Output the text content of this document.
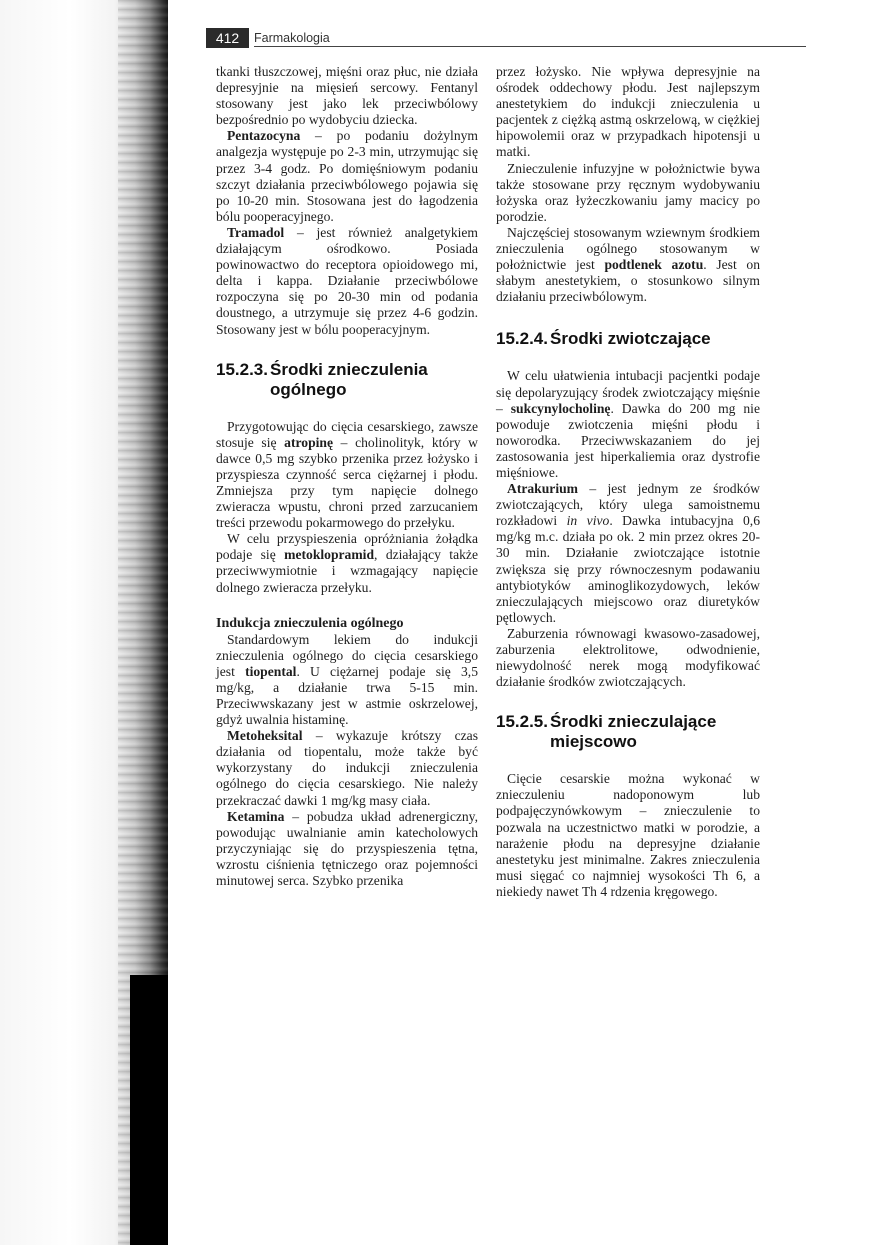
412	Farmakologia

tkanki tłuszczowej, mięśni oraz płuc, nie działa depresyjnie na mięsień sercowy. Fentanyl stosowany jest jako lek przeciwbólowy bezpośrednio po wydobyciu dziecka.

Pentazocyna – po podaniu dożylnym analgezja występuje po 2-3 min, utrzymując się przez 3-4 godz. Po domięśniowym podaniu szczyt działania przeciwbólowego pojawia się po 10-20 min. Stosowana jest do łagodzenia bólu pooperacyjnego.

Tramadol – jest również analgetykiem działającym ośrodkowo. Posiada powinowactwo do receptora opioidowego mi, delta i kappa. Działanie przeciwbólowe rozpoczyna się po 20-30 min od podania doustnego, a utrzymuje się przez 4-6 godzin. Stosowany jest w bólu pooperacyjnym.

15.2.3. Środki znieczulenia
ogólnego

Przygotowując do cięcia cesarskiego, zawsze stosuje się atropinę – cholinolityk, który w dawce 0,5 mg szybko przenika przez łożysko i przyspiesza czynność serca ciężarnej i płodu. Zmniejsza przy tym napięcie dolnego zwieracza wpustu, chroni przed zarzucaniem treści przewodu pokarmowego do przełyku.

W celu przyspieszenia opróżniania żołądka podaje się metoklopramid, działający także przeciwwymiotnie i wzmagający napięcie dolnego zwieracza przełyku.

Indukcja znieczulenia ogólnego

Standardowym lekiem do indukcji znieczulenia ogólnego do cięcia cesarskiego jest tiopental. U ciężarnej podaje się 3,5 mg/kg, a działanie trwa 5-15 min. Przeciwwskazany jest w astmie oskrzelowej, gdyż uwalnia histaminę.

Metoheksital – wykazuje krótszy czas działania od tiopentalu, może także być wykorzystany do indukcji znieczulenia ogólnego do cięcia cesarskiego. Nie należy przekraczać dawki 1 mg/kg masy ciała.

Ketamina – pobudza układ adrenergiczny, powodując uwalnianie amin katecholowych przyczyniając się do przyspieszenia tętna, wzrostu ciśnienia tętniczego oraz pojemności minutowej serca. Szybko przenika

przez łożysko. Nie wpływa depresyjnie na ośrodek oddechowy płodu. Jest najlepszym anestetykiem do indukcji znieczulenia u pacjentek z ciężką astmą oskrzelową, w ciężkiej hipowolemii oraz w przypadkach hipotensji u matki.

Znieczulenie infuzyjne w położnictwie bywa także stosowane przy ręcznym wydobywaniu łożyska oraz łyżeczkowaniu jamy macicy po porodzie.

Najczęściej stosowanym wziewnym środkiem znieczulenia ogólnego stosowanym w położnictwie jest podtlenek azotu. Jest on słabym anestetykiem, o stosunkowo silnym działaniu przeciwbólowym.

15.2.4. Środki zwiotczające

W celu ułatwienia intubacji pacjentki podaje się depolaryzujący środek zwiotczający mięśnie – sukcynylocholinę. Dawka do 200 mg nie powoduje zwiotczenia mięśni płodu i noworodka. Przeciwwskazaniem do jej zastosowania jest hiperkaliemia oraz dystrofie mięśniowe.

Atrakurium – jest jednym ze środków zwiotczających, który ulega samoistnemu rozkładowi in vivo. Dawka intubacyjna 0,6 mg/kg m.c. działa po ok. 2 min przez okres 20-30 min. Działanie zwiotczające istotnie zwiększa się przy równoczesnym podawaniu antybiotyków aminoglikozydowych, leków znieczulających miejscowo oraz diuretyków pętlowych.

Zaburzenia równowagi kwasowo-zasadowej, zaburzenia elektrolitowe, odwodnienie, niewydolność nerek mogą modyfikować działanie środków zwiotczających.

15.2.5. Środki znieczulające
miejscowo

Cięcie cesarskie można wykonać w znieczuleniu nadoponowym lub podpajęczynówkowym – znieczulenie to pozwala na uczestnictwo matki w porodzie, a narażenie płodu na depresyjne działanie anestetyku jest minimalne. Zakres znieczulenia musi sięgać co najmniej wysokości Th 6, a niekiedy nawet Th 4 rdzenia kręgowego.
